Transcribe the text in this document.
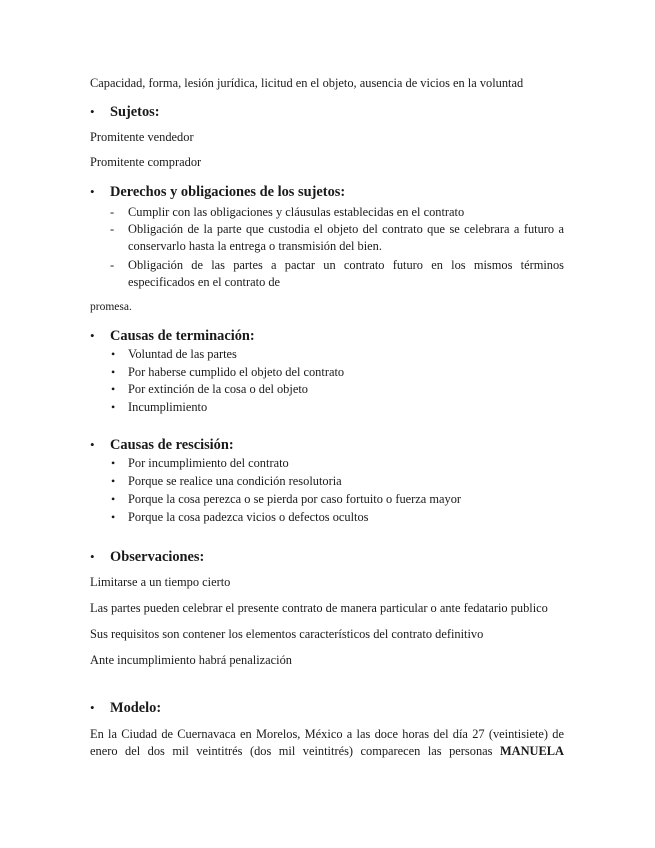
Capacidad, forma, lesión jurídica, licitud en el objeto, ausencia de vicios en la voluntad
• Sujetos:
Promitente vendedor
Promitente comprador
• Derechos y obligaciones de los sujetos:
- Cumplir con las obligaciones y cláusulas establecidas en el contrato
- Obligación de la parte que custodia el objeto del contrato que se celebrara a futuro a
conservarlo hasta la entrega o transmisión del bien.
- Obligación de las partes a pactar un contrato futuro en los mismos términos
especificados en el contrato de
promesa.
• Causas de terminación:
• Voluntad de las partes
• Por haberse cumplido el objeto del contrato
• Por extinción de la cosa o del objeto
• Incumplimiento
• Causas de rescisión:
• Por incumplimiento del contrato
• Porque se realice una condición resolutoria
• Porque la cosa perezca o se pierda por caso fortuito o fuerza mayor
• Porque la cosa padezca vicios o defectos ocultos
• Observaciones:
Limitarse a un tiempo cierto
Las partes pueden celebrar el presente contrato de manera particular o ante fedatario publico
Sus requisitos son contener los elementos característicos del contrato definitivo
Ante incumplimiento habrá penalización
• Modelo:
En la Ciudad de Cuernavaca en Morelos, México a las doce horas del día 27 (veintisiete) de
enero del dos mil veintitrés (dos mil veintitrés) comparecen las personas MANUELA
